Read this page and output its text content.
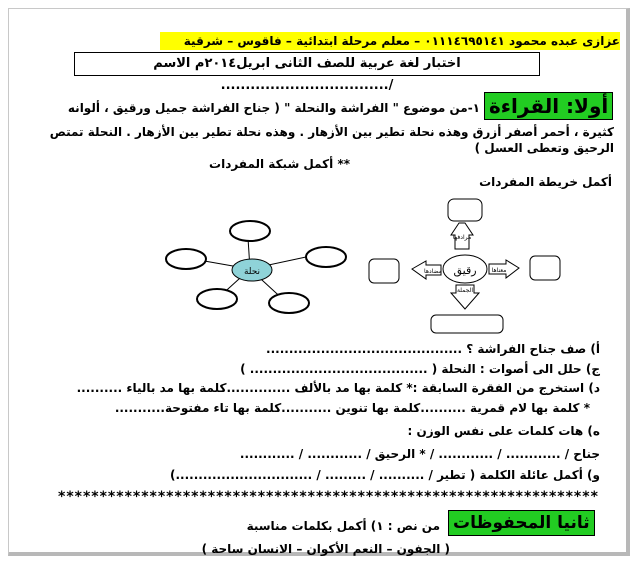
عزازى عبده محمود ٠١١١٤٦٩٥١٤١ – معلم مرحلة ابتدائية – فاقوس – شرقية
اختبار لغة عربية للصف الثانى ابريل٢٠١٤م الاسم /..................................
أولا: القراءة
١-من موضوع " الفراشة والنحلة " ( جناح الفراشة جميل ورقيق ، ألوانه
كثيرة ، أحمر أصفر أزرق وهذه نحلة تطير بين الأزهار . وهذه نحلة تطير بين الأزهار . النحلة تمتص
الرحيق وتعطى العسل )
** أكمل شبكة المفردات
أكمل خريطة المفردات
رقيق
مرادفها
مضادها	معناها
الجملة
نحلة
أ) صف جناح الفراشة ؟ ...........................................
ج) حلل الى أصوات : النحلة ( ....................................... )
د) استخرج من الفقرة السابقة :* كلمة بها مد بالألف ..............كلمة بها مد بالياء ..........
* كلمة بها لام قمرية ..........كلمة بها تنوين ...........كلمة بها تاء مفتوحة...........
ه) هات كلمات على نفس الوزن :
جناح / ............ / ............ / * الرحيق / ............ / ............
و) أكمل عائلة الكلمة ( تطير / .......... / ......... / ..............................)
*****************************************************************
ثانيا المحفوظات
من نص : ١) أكمل بكلمات مناسبة
( الجفون – النعم الأكوان – الانسان ساحة )
